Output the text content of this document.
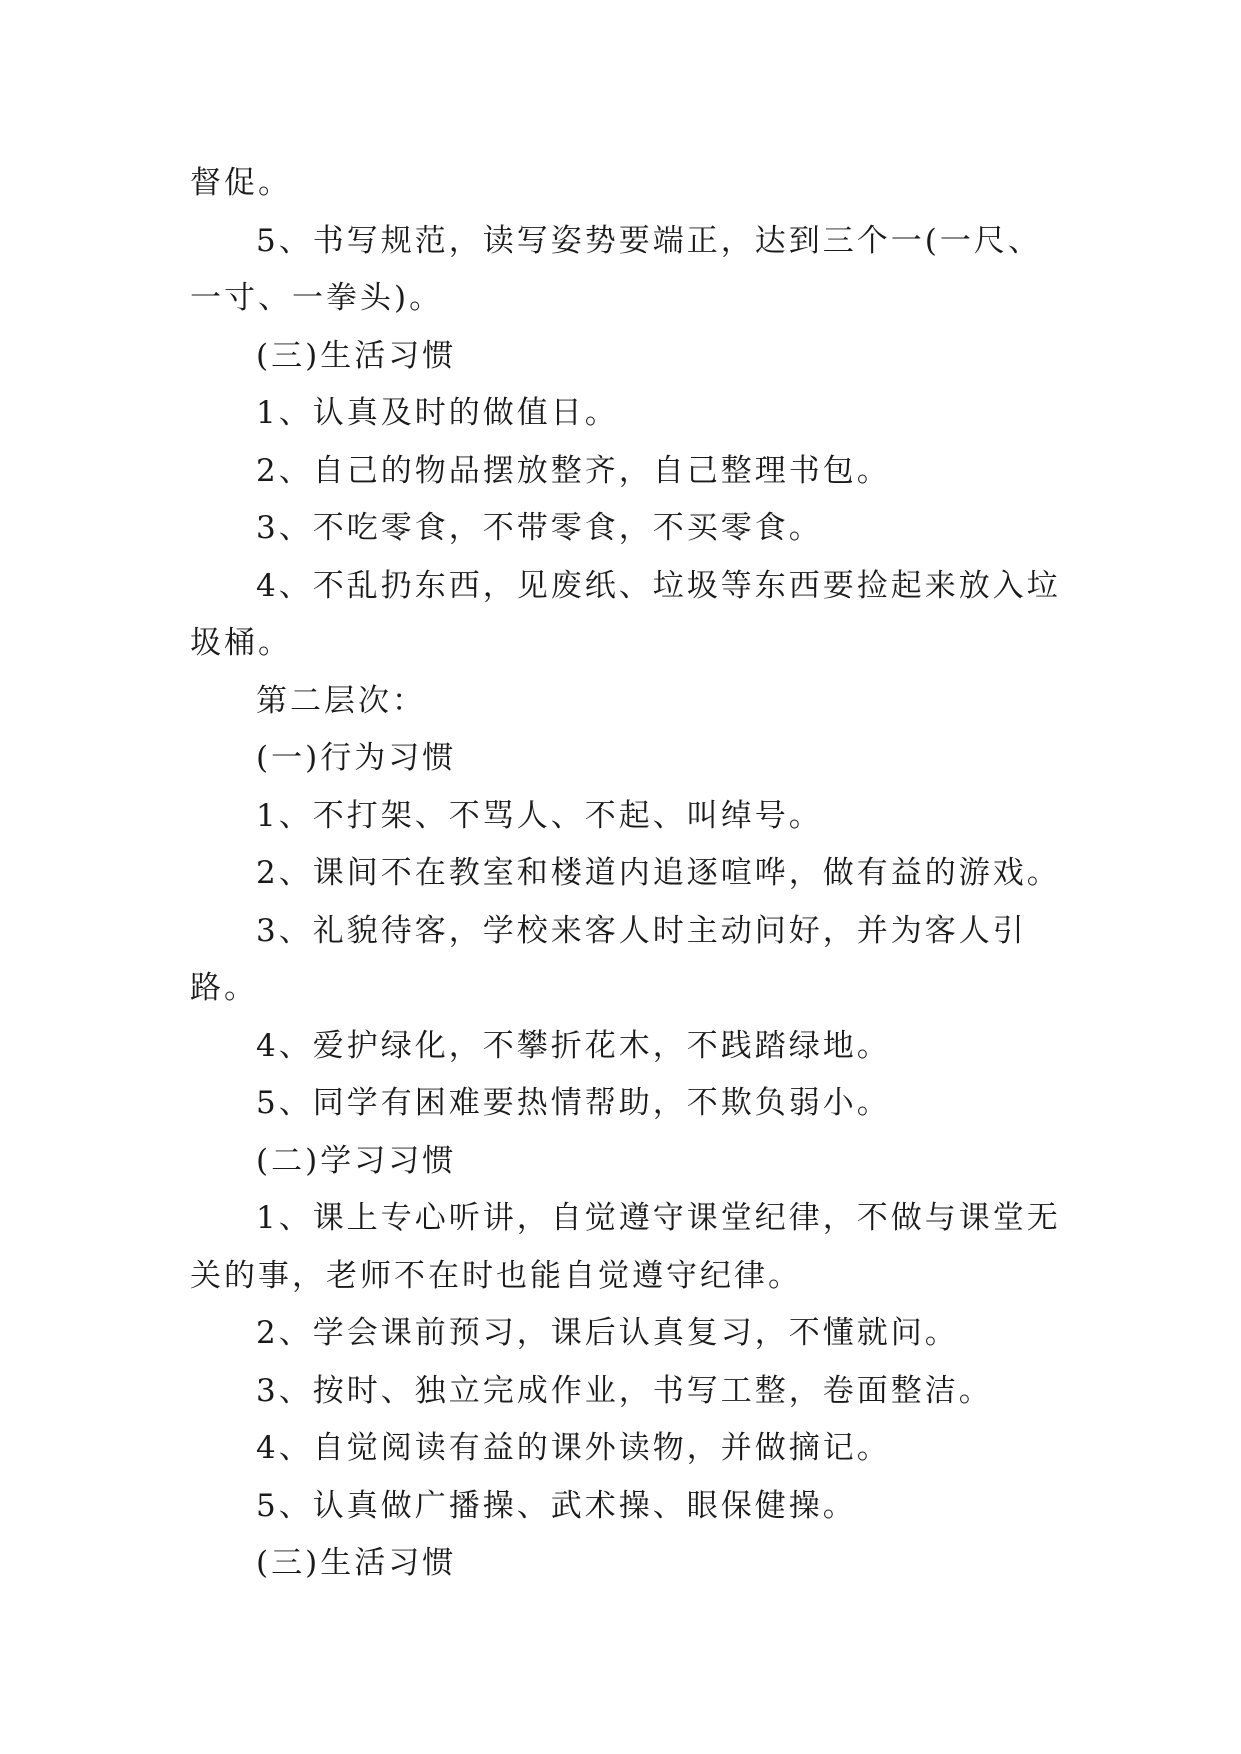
督促。

5、书写规范，读写姿势要端正，达到三个一(一尺、一寸、一拳头)。

(三)生活习惯

1、认真及时的做值日。

2、自己的物品摆放整齐，自己整理书包。

3、不吃零食，不带零食，不买零食。

4、不乱扔东西，见废纸、垃圾等东西要捡起来放入垃圾桶。

第二层次：

(一)行为习惯

1、不打架、不骂人、不起、叫绰号。

2、课间不在教室和楼道内追逐喧哗，做有益的游戏。

3、礼貌待客，学校来客人时主动问好，并为客人引路。

4、爱护绿化，不攀折花木，不践踏绿地。

5、同学有困难要热情帮助，不欺负弱小。

(二)学习习惯

1、课上专心听讲，自觉遵守课堂纪律，不做与课堂无关的事，老师不在时也能自觉遵守纪律。

2、学会课前预习，课后认真复习，不懂就问。

3、按时、独立完成作业，书写工整，卷面整洁。

4、自觉阅读有益的课外读物，并做摘记。

5、认真做广播操、武术操、眼保健操。

(三)生活习惯
